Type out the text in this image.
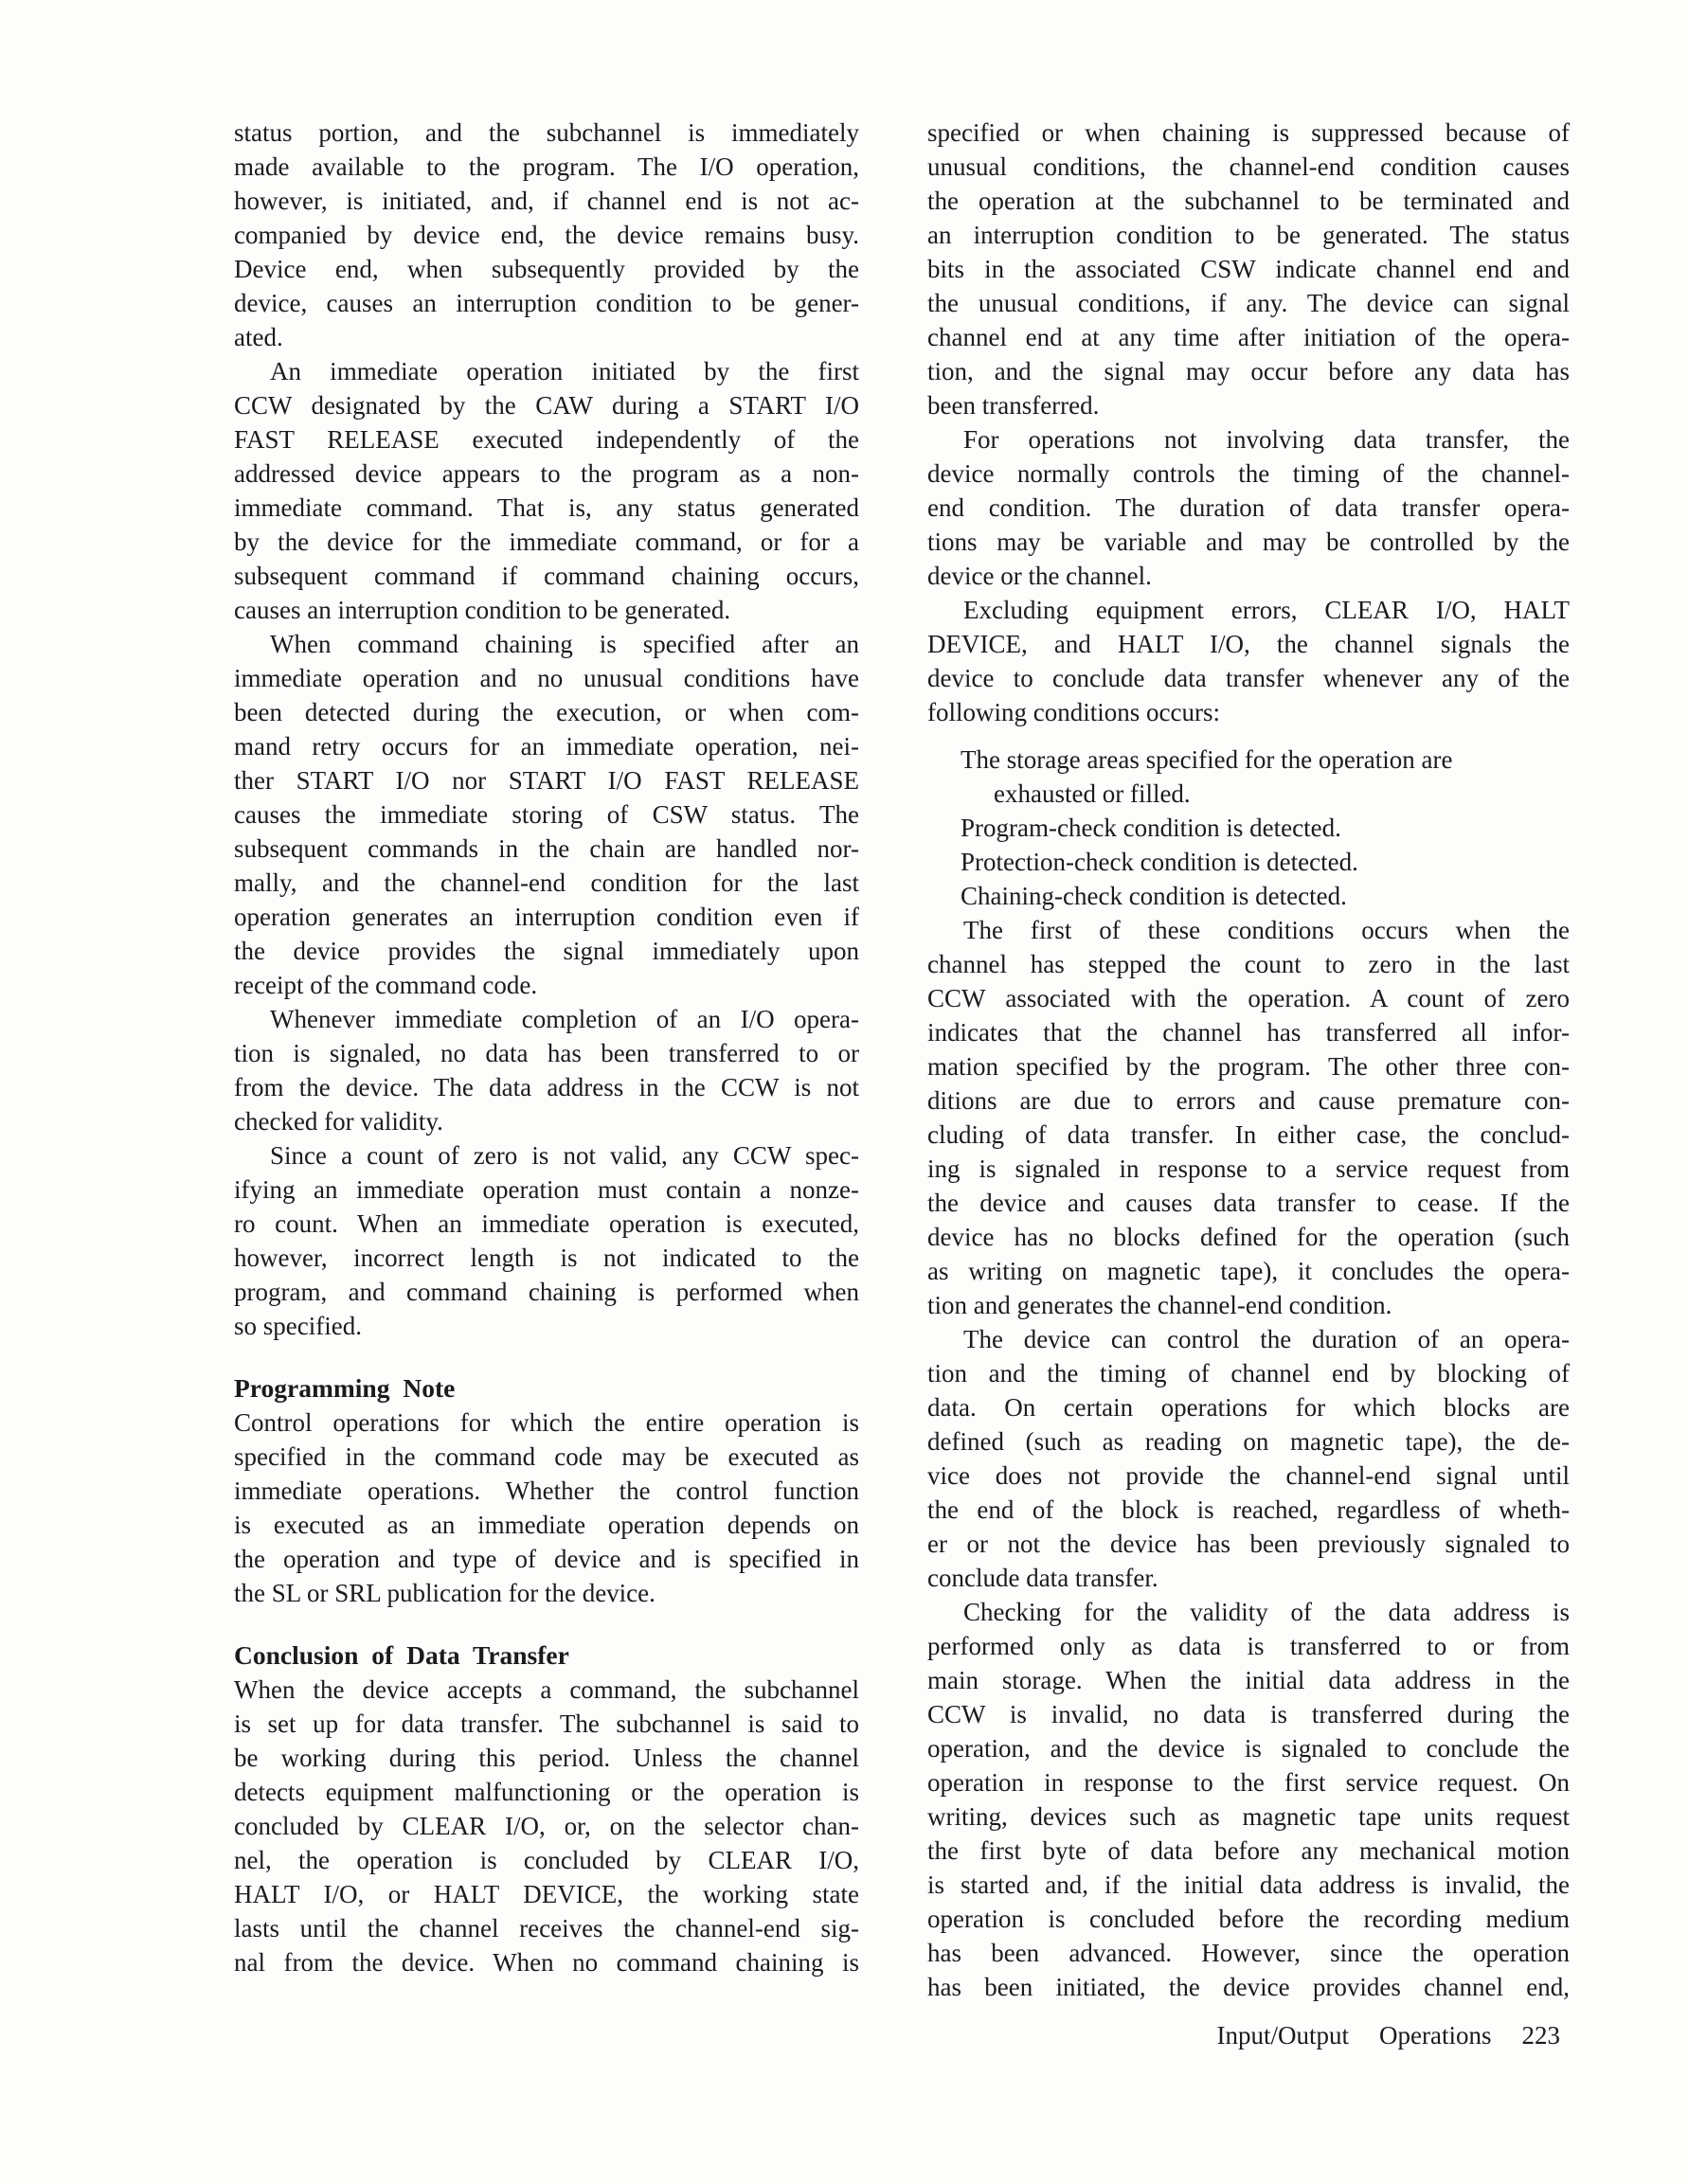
status portion, and the subchannel is immediately
made available to the program. The I/O operation,
however, is initiated, and, if channel end is not ac-
companied by device end, the device remains busy.
Device end, when subsequently provided by the
device, causes an interruption condition to be gener-
ated.
An immediate operation initiated by the first
CCW designated by the CAW during a START I/O
FAST RELEASE executed independently of the
addressed device appears to the program as a non-
immediate command. That is, any status generated
by the device for the immediate command, or for a
subsequent command if command chaining occurs,
causes an interruption condition to be generated.
When command chaining is specified after an
immediate operation and no unusual conditions have
been detected during the execution, or when com-
mand retry occurs for an immediate operation, nei-
ther START I/O nor START I/O FAST RELEASE
causes the immediate storing of CSW status. The
subsequent commands in the chain are handled nor-
mally, and the channel-end condition for the last
operation generates an interruption condition even if
the device provides the signal immediately upon
receipt of the command code.
Whenever immediate completion of an I/O opera-
tion is signaled, no data has been transferred to or
from the device. The data address in the CCW is not
checked for validity.
Since a count of zero is not valid, any CCW spec-
ifying an immediate operation must contain a nonze-
ro count. When an immediate operation is executed,
however, incorrect length is not indicated to the
program, and command chaining is performed when
so specified.
Programming Note
Control operations for which the entire operation is
specified in the command code may be executed as
immediate operations. Whether the control function
is executed as an immediate operation depends on
the operation and type of device and is specified in
the SL or SRL publication for the device.
Conclusion of Data Transfer
When the device accepts a command, the subchannel
is set up for data transfer. The subchannel is said to
be working during this period. Unless the channel
detects equipment malfunctioning or the operation is
concluded by CLEAR I/O, or, on the selector chan-
nel, the operation is concluded by CLEAR I/O,
HALT I/O, or HALT DEVICE, the working state
lasts until the channel receives the channel-end sig-
nal from the device. When no command chaining is
specified or when chaining is suppressed because of
unusual conditions, the channel-end condition causes
the operation at the subchannel to be terminated and
an interruption condition to be generated. The status
bits in the associated CSW indicate channel end and
the unusual conditions, if any. The device can signal
channel end at any time after initiation of the opera-
tion, and the signal may occur before any data has
been transferred.
For operations not involving data transfer, the
device normally controls the timing of the channel-
end condition. The duration of data transfer opera-
tions may be variable and may be controlled by the
device or the channel.
Excluding equipment errors, CLEAR I/O, HALT
DEVICE, and HALT I/O, the channel signals the
device to conclude data transfer whenever any of the
following conditions occurs:
The storage areas specified for the operation are
exhausted or filled.
Program-check condition is detected.
Protection-check condition is detected.
Chaining-check condition is detected.
The first of these conditions occurs when the
channel has stepped the count to zero in the last
CCW associated with the operation. A count of zero
indicates that the channel has transferred all infor-
mation specified by the program. The other three con-
ditions are due to errors and cause premature con-
cluding of data transfer. In either case, the conclud-
ing is signaled in response to a service request from
the device and causes data transfer to cease. If the
device has no blocks defined for the operation (such
as writing on magnetic tape), it concludes the opera-
tion and generates the channel-end condition.
The device can control the duration of an opera-
tion and the timing of channel end by blocking of
data. On certain operations for which blocks are
defined (such as reading on magnetic tape), the de-
vice does not provide the channel-end signal until
the end of the block is reached, regardless of wheth-
er or not the device has been previously signaled to
conclude data transfer.
Checking for the validity of the data address is
performed only as data is transferred to or from
main storage. When the initial data address in the
CCW is invalid, no data is transferred during the
operation, and the device is signaled to conclude the
operation in response to the first service request. On
writing, devices such as magnetic tape units request
the first byte of data before any mechanical motion
is started and, if the initial data address is invalid, the
operation is concluded before the recording medium
has been advanced. However, since the operation
has been initiated, the device provides channel end,
Input/Output Operations 223
